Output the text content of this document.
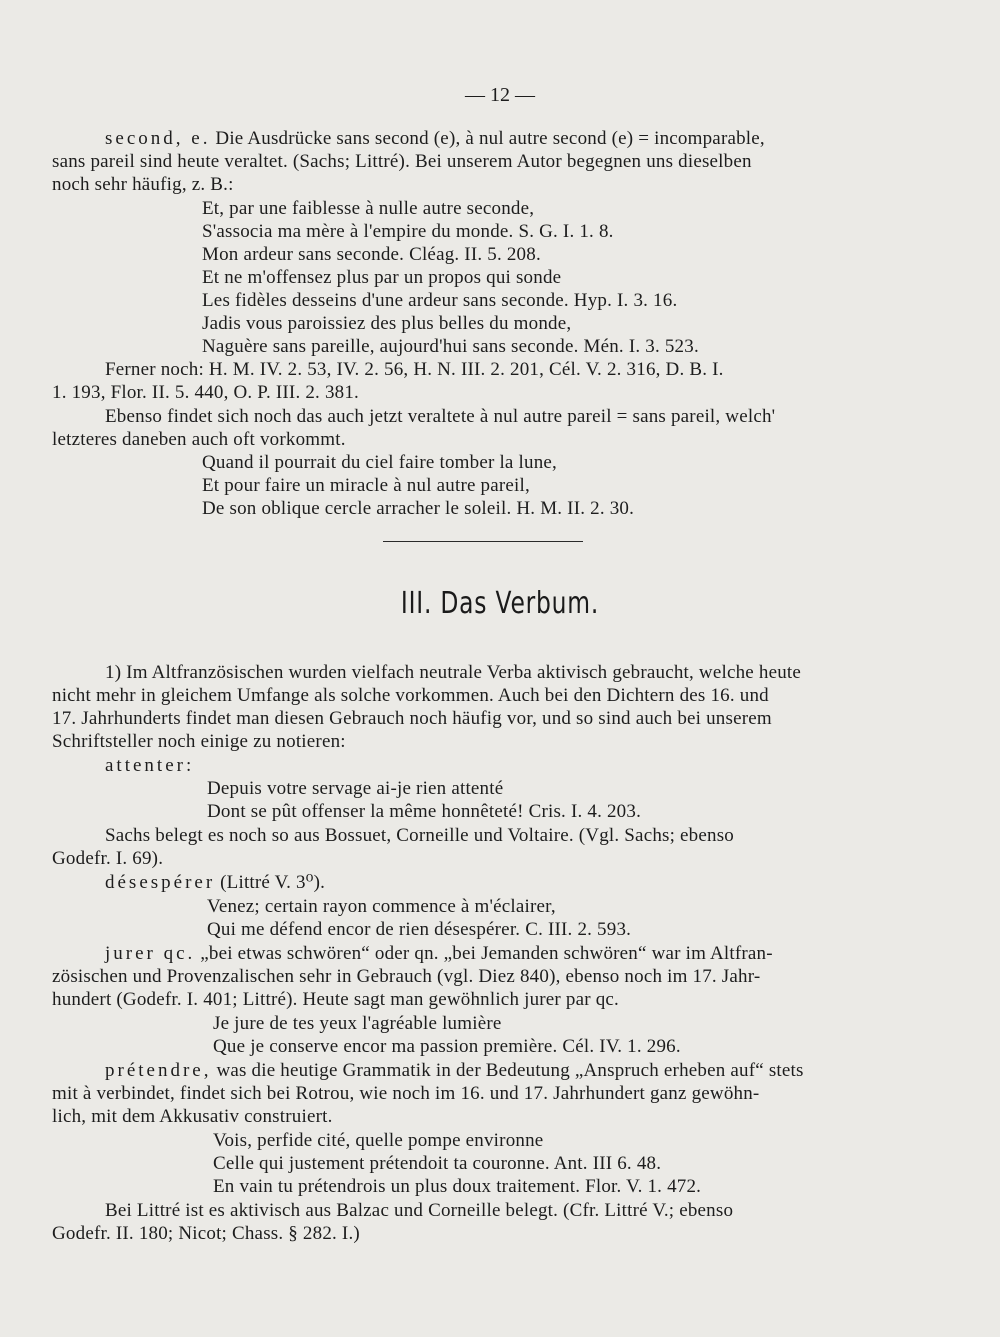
— 12 —
second, e. Die Ausdrücke sans second (e), à nul autre second (e) = incomparable,
sans pareil sind heute veraltet. (Sachs; Littré). Bei unserem Autor begegnen uns dieselben
noch sehr häufig, z. B.:
Et, par une faiblesse à nulle autre seconde,
S'associa ma mère à l'empire du monde. S. G. I. 1. 8.
Mon ardeur sans seconde. Cléag. II. 5. 208.
Et ne m'offensez plus par un propos qui sonde
Les fidèles desseins d'une ardeur sans seconde. Hyp. I. 3. 16.
Jadis vous paroissiez des plus belles du monde,
Naguère sans pareille, aujourd'hui sans seconde. Mén. I. 3. 523.
Ferner noch: H. M. IV. 2. 53, IV. 2. 56, H. N. III. 2. 201, Cél. V. 2. 316, D. B. I.
1. 193, Flor. II. 5. 440, O. P. III. 2. 381.
Ebenso findet sich noch das auch jetzt veraltete à nul autre pareil = sans pareil, welch'
letzteres daneben auch oft vorkommt.
Quand il pourrait du ciel faire tomber la lune,
Et pour faire un miracle à nul autre pareil,
De son oblique cercle arracher le soleil. H. M. II. 2. 30.
III. Das Verbum.
1) Im Altfranzösischen wurden vielfach neutrale Verba aktivisch gebraucht, welche heute
nicht mehr in gleichem Umfange als solche vorkommen. Auch bei den Dichtern des 16. und
17. Jahrhunderts findet man diesen Gebrauch noch häufig vor, und so sind auch bei unserem
Schriftsteller noch einige zu notieren:
attenter:
Depuis votre servage ai-je rien attenté
Dont se pût offenser la même honnêteté! Cris. I. 4. 203.
Sachs belegt es noch so aus Bossuet, Corneille und Voltaire. (Vgl. Sachs; ebenso
Godefr. I. 69).
désespérer (Littré V. 3⁰).
Venez; certain rayon commence à m'éclairer,
Qui me défend encor de rien désespérer. C. III. 2. 593.
jurer qc. „bei etwas schwören“ oder qn. „bei Jemanden schwören“ war im Altfran-
zösischen und Provenzalischen sehr in Gebrauch (vgl. Diez 840), ebenso noch im 17. Jahr-
hundert (Godefr. I. 401; Littré). Heute sagt man gewöhnlich jurer par qc.
Je jure de tes yeux l'agréable lumière
Que je conserve encor ma passion première. Cél. IV. 1. 296.
prétendre, was die heutige Grammatik in der Bedeutung „Anspruch erheben auf“ stets
mit à verbindet, findet sich bei Rotrou, wie noch im 16. und 17. Jahrhundert ganz gewöhn-
lich, mit dem Akkusativ construiert.
Vois, perfide cité, quelle pompe environne
Celle qui justement prétendoit ta couronne. Ant. III 6. 48.
En vain tu prétendrois un plus doux traitement. Flor. V. 1. 472.
Bei Littré ist es aktivisch aus Balzac und Corneille belegt. (Cfr. Littré V.; ebenso
Godefr. II. 180; Nicot; Chass. § 282. I.)
